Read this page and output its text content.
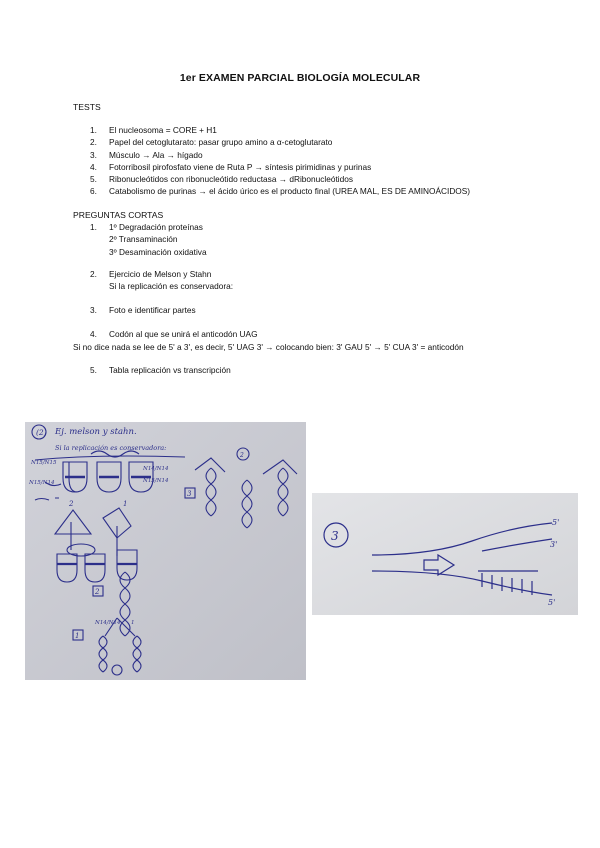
1er EXAMEN PARCIAL BIOLOGÍA MOLECULAR
TESTS
1. El nucleosoma = CORE + H1
2. Papel del cetoglutarato: pasar grupo amino a α-cetoglutarato
3. Músculo → Ala → hígado
4. Fotorribosil pirofosfato viene de Ruta P → síntesis pirimidinas y purinas
5. Ribonucleótidos con ribonucleótido reductasa → dRibonucleótidos
6. Catabolismo de purinas → el ácido úrico es el producto final (UREA MAL, ES DE AMINOÁCIDOS)
PREGUNTAS CORTAS
1. 1º Degradación proteínas
2º Transaminación
3º Desaminación oxidativa
2. Ejercicio de Melson y Stahn
Si la replicación es conservadora:
3. Foto e identificar partes
4. Codón al que se unirá el anticodón UAG
Si no dice nada se lee de 5' a 3', es decir, 5' UAG 3' → colocando bien: 3' GAU 5' → 5' CUA 3' = anticodón
5. Tabla replicación vs transcripción
(2) Ej. melson y stahn.
Si la replicación es conservadora:
N15/N15
N15/N14
N14/N14
N15/N14
N14/N14 1
2	1
2
3
1
2
3
5'
3'
5'
